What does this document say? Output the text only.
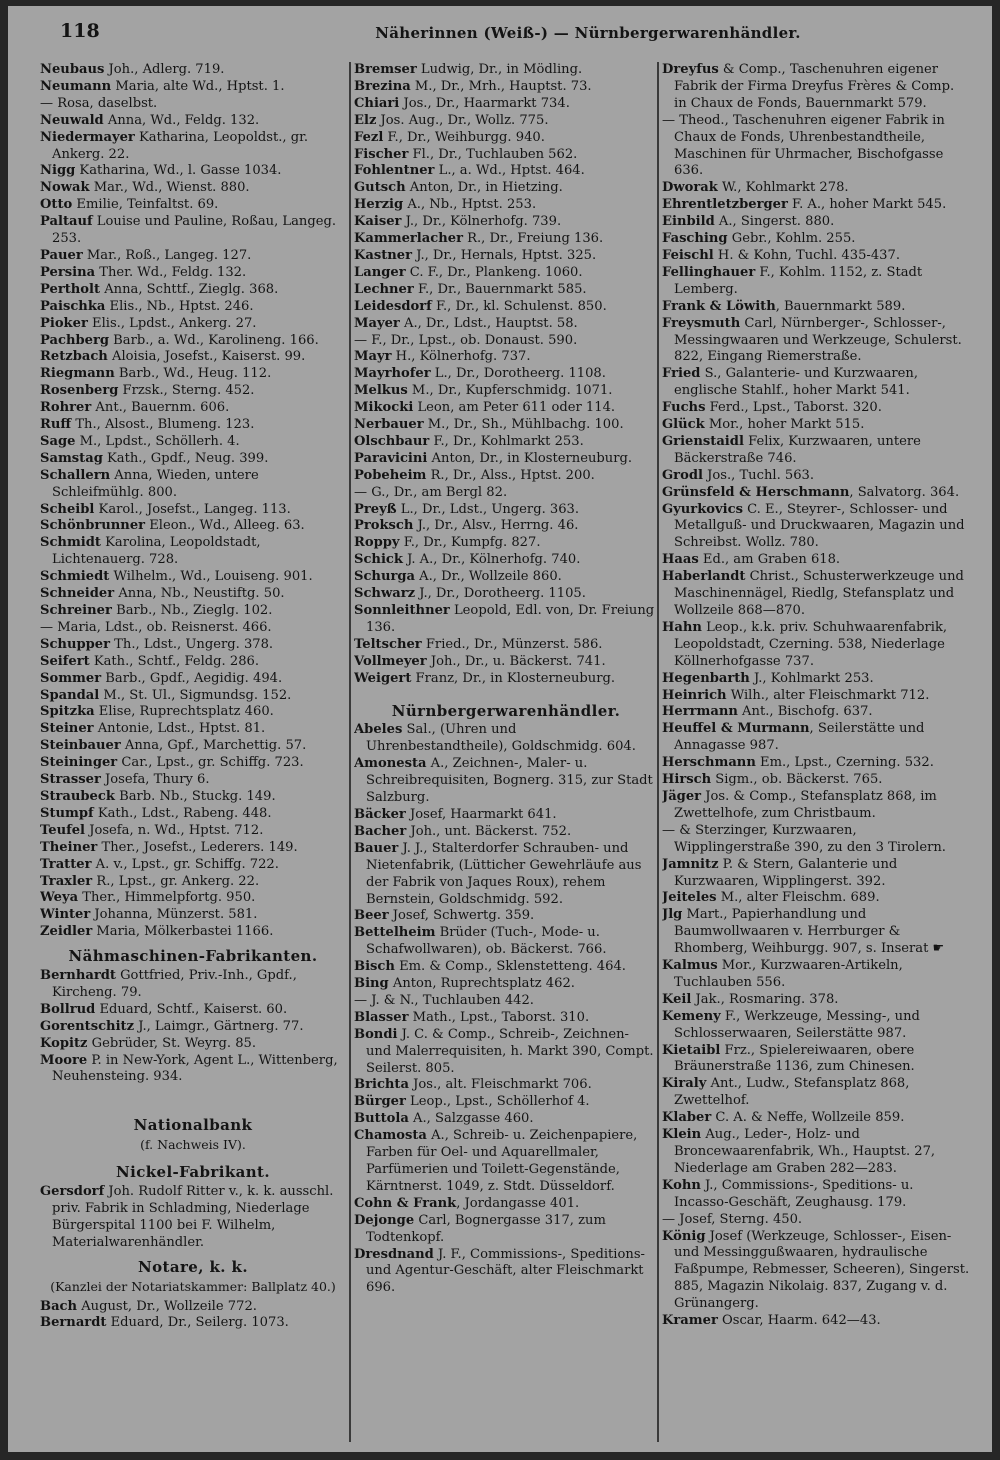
118	Näherinnen (Weiß-) — Nürnbergerwarenhändler.
Neubaus Joh., Adlerg. 719.
Neumann Maria, alte Wd., Hptst. 1.
— Rosa, daselbst.
Neuwald Anna, Wd., Feldg. 132.
Niedermayer Katharina, Leopoldst., gr. Ankerg. 22.
Nigg Katharina, Wd., l. Gasse 1034.
Nowak Mar., Wd., Wienst. 880.
Otto Emilie, Teinfaltst. 69.
Paltauf Louise und Pauline, Roßau, Langeg. 253.
Pauer Mar., Roß., Langeg. 127.
Persina Ther. Wd., Feldg. 132.
Pertholt Anna, Schttf., Zieglg. 368.
Paischka Elis., Nb., Hptst. 246.
Pioker Elis., Lpdst., Ankerg. 27.
Pachberg Barb., a. Wd., Karolineng. 166.
Retzbach Aloisia, Josefst., Kaiserst. 99.
Riegmann Barb., Wd., Heug. 112.
Rosenberg Frzsk., Sterng. 452.
Rohrer Ant., Bauernm. 606.
Ruff Th., Alsost., Blumeng. 123.
Sage M., Lpdst., Schöllerh. 4.
Samstag Kath., Gpdf., Neug. 399.
Schallern Anna, Wieden, untere Schleifmühlg. 800.
Scheibl Karol., Josefst., Langeg. 113.
Schönbrunner Eleon., Wd., Alleeg. 63.
Schmidt Karolina, Leopoldstadt, Lichtenauerg. 728.
Schmiedt Wilhelm., Wd., Louiseng. 901.
Schneider Anna, Nb., Neustiftg. 50.
Schreiner Barb., Nb., Zieglg. 102.
— Maria, Ldst., ob. Reisnerst. 466.
Schupper Th., Ldst., Ungerg. 378.
Seifert Kath., Schtf., Feldg. 286.
Sommer Barb., Gpdf., Aegidig. 494.
Spandal M., St. Ul., Sigmundsg. 152.
Spitzka Elise, Ruprechtsplatz 460.
Steiner Antonie, Ldst., Hptst. 81.
Steinbauer Anna, Gpf., Marchettig. 57.
Steininger Car., Lpst., gr. Schiffg. 723.
Strasser Josefa, Thury 6.
Straubeck Barb. Nb., Stuckg. 149.
Stumpf Kath., Ldst., Rabeng. 448.
Teufel Josefa, n. Wd., Hptst. 712.
Theiner Ther., Josefst., Lederers. 149.
Tratter A. v., Lpst., gr. Schiffg. 722.
Traxler R., Lpst., gr. Ankerg. 22.
Weya Ther., Himmelpfortg. 950.
Winter Johanna, Münzerst. 581.
Zeidler Maria, Mölkerbastei 1166.
Nähmaschinen-Fabrikanten.
Bernhardt Gottfried, Priv.-Inh., Gpdf., Kircheng. 79.
Bollrud Eduard, Schtf., Kaiserst. 60.
Gorentschitz J., Laimgr., Gärtnerg. 77.
Kopitz Gebrüder, St. Weyrg. 85.
Moore P. in New-York, Agent L., Wittenberg, Neuhensteing. 934.
Nationalbank
(f. Nachweis IV).
Nickel-Fabrikant.
Gersdorf Joh. Rudolf Ritter v., k. k. ausschl. priv. Fabrik in Schladming, Niederlage Bürgerspital 1100 bei F. Wilhelm, Materialwarenhändler.
Notare, k. k.
(Kanzlei der Notariatskammer: Ballplatz 40.)
Bach August, Dr., Wollzeile 772.
Bernardt Eduard, Dr., Seilerg. 1073.
Bremser Ludwig, Dr., in Mödling.
Brezina M., Dr., Mrh., Hauptst. 73.
Chiari Jos., Dr., Haarmarkt 734.
Elz Jos. Aug., Dr., Wollz. 775.
Fezl F., Dr., Weihburgg. 940.
Fischer Fl., Dr., Tuchlauben 562.
Fohlentner L., a. Wd., Hptst. 464.
Gutsch Anton, Dr., in Hietzing.
Herzig A., Nb., Hptst. 253.
Kaiser J., Dr., Kölnerhofg. 739.
Kammerlacher R., Dr., Freiung 136.
Kastner J., Dr., Hernals, Hptst. 325.
Langer C. F., Dr., Plankeng. 1060.
Lechner F., Dr., Bauernmarkt 585.
Leidesdorf F., Dr., kl. Schulenst. 850.
Mayer A., Dr., Ldst., Hauptst. 58.
— F., Dr., Lpst., ob. Donaust. 590.
Mayr H., Kölnerhofg. 737.
Mayrhofer L., Dr., Dorotheerg. 1108.
Melkus M., Dr., Kupferschmidg. 1071.
Mikocki Leon, am Peter 611 oder 114.
Nerbauer M., Dr., Sh., Mühlbachg. 100.
Olschbaur F., Dr., Kohlmarkt 253.
Paravicini Anton, Dr., in Klosterneuburg.
Pobeheim R., Dr., Alss., Hptst. 200.
— G., Dr., am Bergl 82.
Preyß L., Dr., Ldst., Ungerg. 363.
Proksch J., Dr., Alsv., Herrng. 46.
Roppy F., Dr., Kumpfg. 827.
Schick J. A., Dr., Kölnerhofg. 740.
Schurga A., Dr., Wollzeile 860.
Schwarz J., Dr., Dorotheerg. 1105.
Sonnleithner Leopold, Edl. von, Dr. Freiung 136.
Teltscher Fried., Dr., Münzerst. 586.
Vollmeyer Joh., Dr., u. Bäckerst. 741.
Weigert Franz, Dr., in Klosterneuburg.
Nürnbergerwarenhändler.
Abeles Sal., (Uhren und Uhrenbestandtheile), Goldschmidg. 604.
Amonesta A., Zeichnen-, Maler- u. Schreibrequisiten, Bognerg. 315, zur Stadt Salzburg.
Bäcker Josef, Haarmarkt 641.
Bacher Joh., unt. Bäckerst. 752.
Bauer J. J., Stalterdorfer Schrauben- und Nietenfabrik, (Lütticher Gewehrläufe aus der Fabrik von Jaques Roux), rehem Bernstein, Goldschmidg. 592.
Beer Josef, Schwertg. 359.
Bettelheim Brüder (Tuch-, Mode- u. Schafwollwaren), ob. Bäckerst. 766.
Bisch Em. & Comp., Sklenstetteng. 464.
Bing Anton, Ruprechtsplatz 462.
— J. & N., Tuchlauben 442.
Blasser Math., Lpst., Taborst. 310.
Bondi J. C. & Comp., Schreib-, Zeichnen- und Malerrequisiten, h. Markt 390, Compt. Seilerst. 805.
Brichta Jos., alt. Fleischmarkt 706.
Bürger Leop., Lpst., Schöllerhof 4.
Buttola A., Salzgasse 460.
Chamosta A., Schreib- u. Zeichenpapiere, Farben für Oel- und Aquarellmaler, Parfümerien und Toilett-Gegenstände, Kärntnerst. 1049, z. Stdt. Düsseldorf.
Cohn & Frank, Jordangasse 401.
Dejonge Carl, Bognergasse 317, zum Todtenkopf.
Dresdnand J. F., Commissions-, Speditions- und Agentur-Geschäft, alter Fleischmarkt 696.
Dreyfus & Comp., Taschenuhren eigener Fabrik der Firma Dreyfus Frères & Comp. in Chaux de Fonds, Bauernmarkt 579.
— Theod., Taschenuhren eigener Fabrik in Chaux de Fonds, Uhrenbestandtheile, Maschinen für Uhrmacher, Bischofgasse 636.
Dworak W., Kohlmarkt 278.
Ehrentletzberger F. A., hoher Markt 545.
Einbild A., Singerst. 880.
Fasching Gebr., Kohlm. 255.
Feischl H. & Kohn, Tuchl. 435-437.
Fellinghauer F., Kohlm. 1152, z. Stadt Lemberg.
Frank & Löwith, Bauernmarkt 589.
Freysmuth Carl, Nürnberger-, Schlosser-, Messingwaaren und Werkzeuge, Schulerst. 822, Eingang Riemerstraße.
Fried S., Galanterie- und Kurzwaaren, englische Stahlf., hoher Markt 541.
Fuchs Ferd., Lpst., Taborst. 320.
Glück Mor., hoher Markt 515.
Grienstaidl Felix, Kurzwaaren, untere Bäckerstraße 746.
Grodl Jos., Tuchl. 563.
Grünsfeld & Herschmann, Salvatorg. 364.
Gyurkovics C. E., Steyrer-, Schlosser- und Metallguß- und Druckwaaren, Magazin und Schreibst. Wollz. 780.
Haas Ed., am Graben 618.
Haberlandt Christ., Schusterwerkzeuge und Maschinennägel, Riedlg, Stefansplatz und Wollzeile 868—870.
Hahn Leop., k.k. priv. Schuhwaarenfabrik, Leopoldstadt, Czerning. 538, Niederlage Köllnerhofgasse 737.
Hegenbarth J., Kohlmarkt 253.
Heinrich Wilh., alter Fleischmarkt 712.
Herrmann Ant., Bischofg. 637.
Heuffel & Murmann, Seilerstätte und Annagasse 987.
Herschmann Em., Lpst., Czerning. 532.
Hirsch Sigm., ob. Bäckerst. 765.
Jäger Jos. & Comp., Stefansplatz 868, im Zwettelhofe, zum Christbaum.
— & Sterzinger, Kurzwaaren, Wipplingerstraße 390, zu den 3 Tirolern.
Jamnitz P. & Stern, Galanterie und Kurzwaaren, Wipplingerst. 392.
Jeiteles M., alter Fleischm. 689.
Jlg Mart., Papierhandlung und Baumwollwaaren v. Herrburger & Rhomberg, Weihburgg. 907, s. Inserat ☛
Kalmus Mor., Kurzwaaren-Artikeln, Tuchlauben 556.
Keil Jak., Rosmaring. 378.
Kemeny F., Werkzeuge, Messing-, und Schlosserwaaren, Seilerstätte 987.
Kietaibl Frz., Spielereiwaaren, obere Bräunerstraße 1136, zum Chinesen.
Kiraly Ant., Ludw., Stefansplatz 868, Zwettelhof.
Klaber C. A. & Neffe, Wollzeile 859.
Klein Aug., Leder-, Holz- und Broncewaarenfabrik, Wh., Hauptst. 27, Niederlage am Graben 282—283.
Kohn J., Commissions-, Speditions- u. Incasso-Geschäft, Zeughausg. 179.
— Josef, Sterng. 450.
König Josef (Werkzeuge, Schlosser-, Eisen- und Messinggußwaaren, hydraulische Faßpumpe, Rebmesser, Scheeren), Singerst. 885, Magazin Nikolaig. 837, Zugang v. d. Grünangerg.
Kramer Oscar, Haarm. 642—43.
